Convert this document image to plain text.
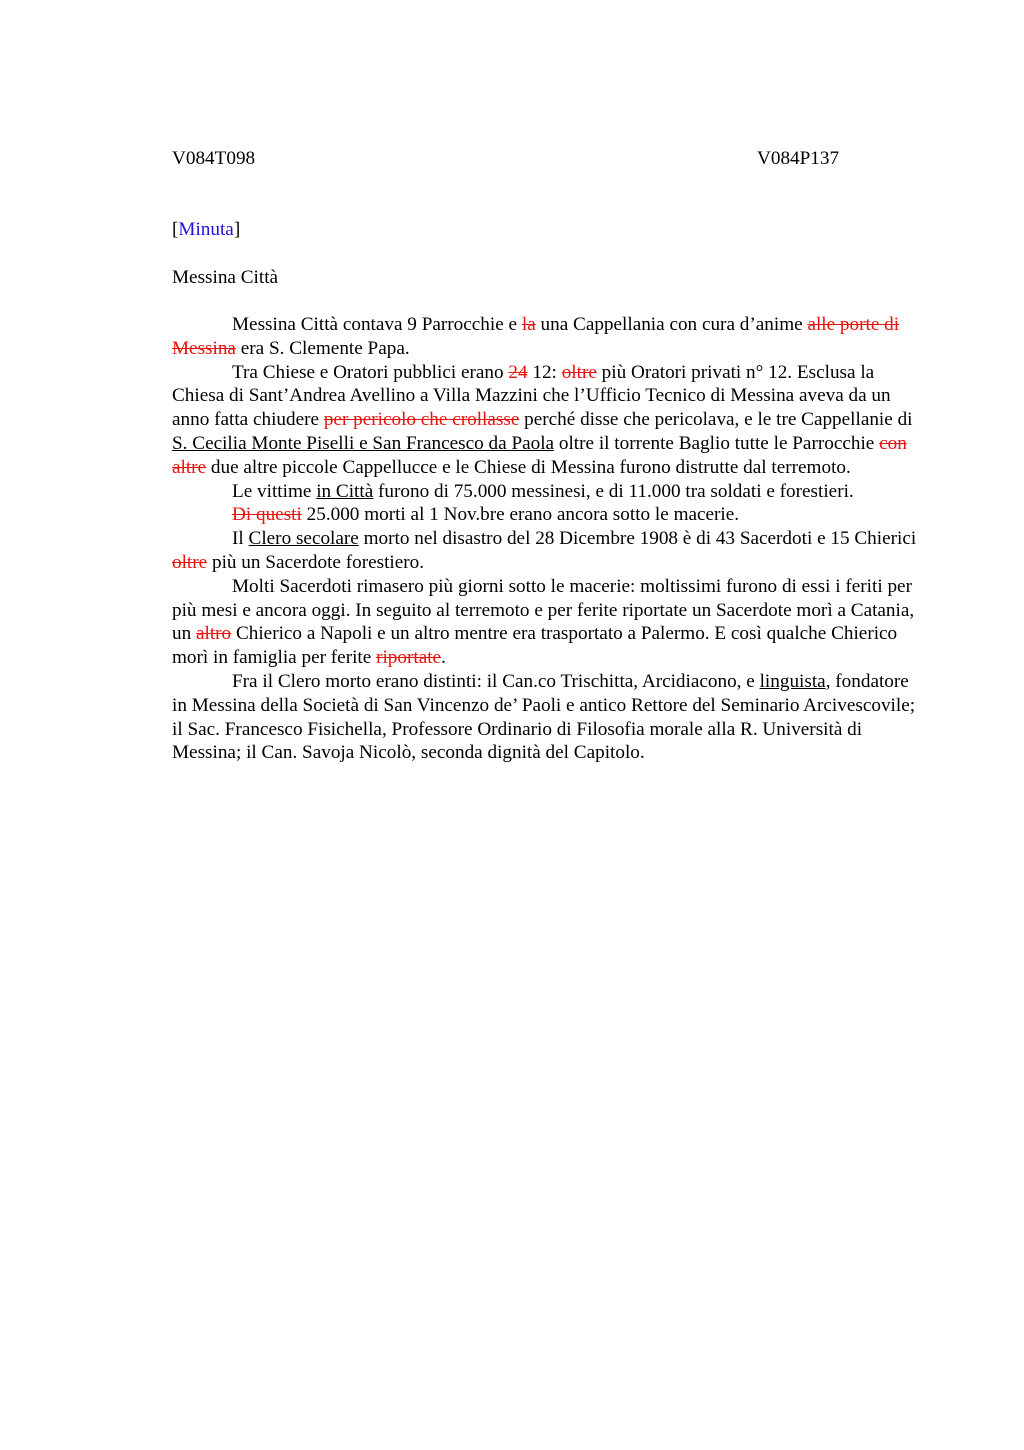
V084T098	V084P137
[Minuta]
Messina Città

Messina Città contava 9 Parrocchie e la una Cappellania con cura d’anime alle porte di Messina era S. Clemente Papa.

Tra Chiese e Oratori pubblici erano 24 12: oltre più Oratori privati n° 12. Esclusa la Chiesa di Sant’Andrea Avellino a Villa Mazzini che l’Ufficio Tecnico di Messina aveva da un anno fatta chiudere per pericolo che crollasse perché disse che pericolava, e le tre Cappellanie di S. Cecilia Monte Piselli e San Francesco da Paola oltre il torrente Baglio tutte le Parrocchie con altre due altre piccole Cappellucce e le Chiese di Messina furono distrutte dal terremoto.

Le vittime in Città furono di 75.000 messinesi, e di 11.000 tra soldati e forestieri.

Di questi 25.000 morti al 1 Nov.bre erano ancora sotto le macerie.

Il Clero secolare morto nel disastro del 28 Dicembre 1908 è di 43 Sacerdoti e 15 Chierici oltre più un Sacerdote forestiero.

Molti Sacerdoti rimasero più giorni sotto le macerie: moltissimi furono di essi i feriti per più mesi e ancora oggi. In seguito al terremoto e per ferite riportate un Sacerdote morì a Catania, un altro Chierico a Napoli e un altro mentre era trasportato a Palermo. E così qualche Chierico morì in famiglia per ferite riportate.

Fra il Clero morto erano distinti: il Can.co Trischitta, Arcidiacono, e linguista, fondatore in Messina della Società di San Vincenzo de’ Paoli e antico Rettore del Seminario Arcivescovile; il Sac. Francesco Fisichella, Professore Ordinario di Filosofia morale alla R. Università di Messina; il Can. Savoja Nicolò, seconda dignità del Capitolo.
